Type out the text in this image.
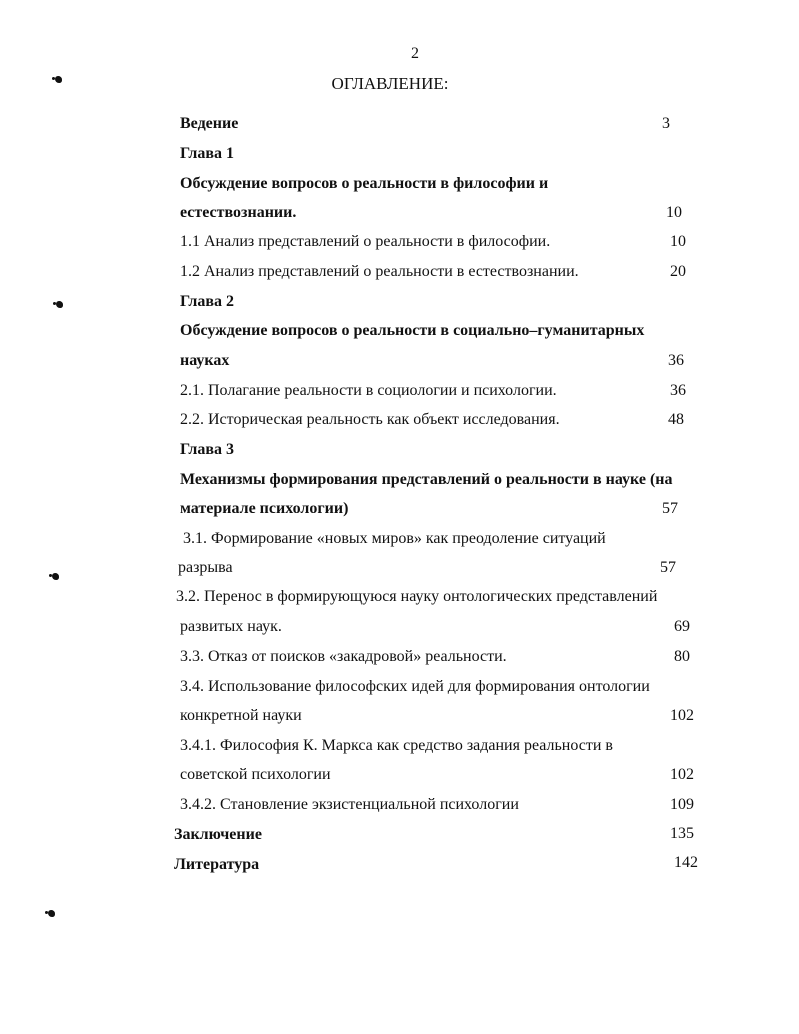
2
ОГЛАВЛЕНИЕ:
Ведение	3
Глава 1
Обсуждение вопросов о реальности в философии и
естествознании.	10
1.1 Анализ представлений о реальности в философии.	10
1.2 Анализ представлений о реальности в естествознании.	20
Глава 2
Обсуждение вопросов о реальности в социально–гуманитарных
науках	36
2.1. Полагание реальности в социологии и психологии.	36
2.2. Историческая реальность как объект исследования.	48
Глава 3
Механизмы формирования представлений о реальности в науке (на
материале психологии)	57
3.1. Формирование «новых миров» как преодоление ситуаций
разрыва	57
3.2. Перенос в формирующуюся науку онтологических представлений
развитых наук.	69
3.3. Отказ от поисков «закадровой» реальности.	80
3.4. Использование философских идей для формирования онтологии
конкретной науки	102
3.4.1. Философия К. Маркса как средство задания реальности в
советской психологии	102
3.4.2. Становление экзистенциальной психологии	109
Заключение	135
Литература	142
